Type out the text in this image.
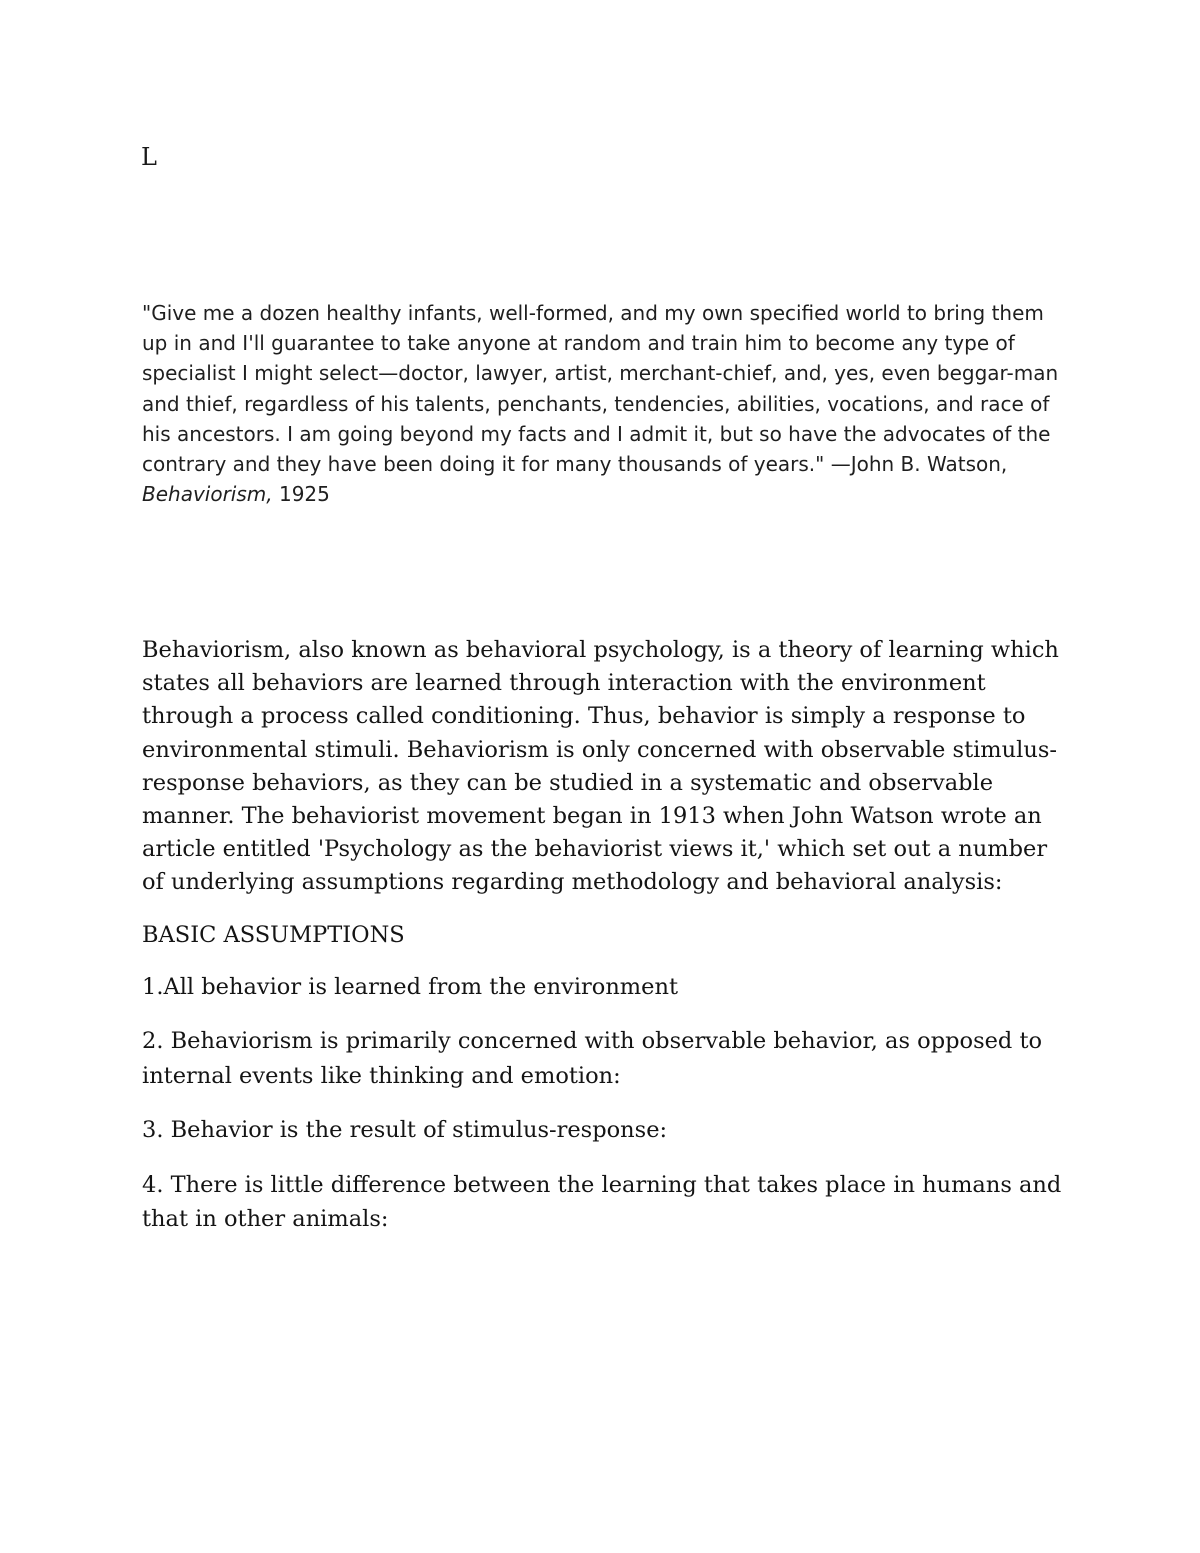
L

"Give me a dozen healthy infants, well-formed, and my own specified world to bring them up in and I'll guarantee to take anyone at random and train him to become any type of specialist I might select—doctor, lawyer, artist, merchant-chief, and, yes, even beggar-man and thief, regardless of his talents, penchants, tendencies, abilities, vocations, and race of his ancestors. I am going beyond my facts and I admit it, but so have the advocates of the contrary and they have been doing it for many thousands of years." —John B. Watson, Behaviorism, 1925

Behaviorism, also known as behavioral psychology, is a theory of learning which states all behaviors are learned through interaction with the environment through a process called conditioning. Thus, behavior is simply a response to environmental stimuli. Behaviorism is only concerned with observable stimulus-response behaviors, as they can be studied in a systematic and observable manner. The behaviorist movement began in 1913 when John Watson wrote an article entitled 'Psychology as the behaviorist views it,' which set out a number of underlying assumptions regarding methodology and behavioral analysis:

BASIC ASSUMPTIONS

1.All behavior is learned from the environment

2. Behaviorism is primarily concerned with observable behavior, as opposed to internal events like thinking and emotion:

3. Behavior is the result of stimulus-response:

4. There is little difference between the learning that takes place in humans and that in other animals:
